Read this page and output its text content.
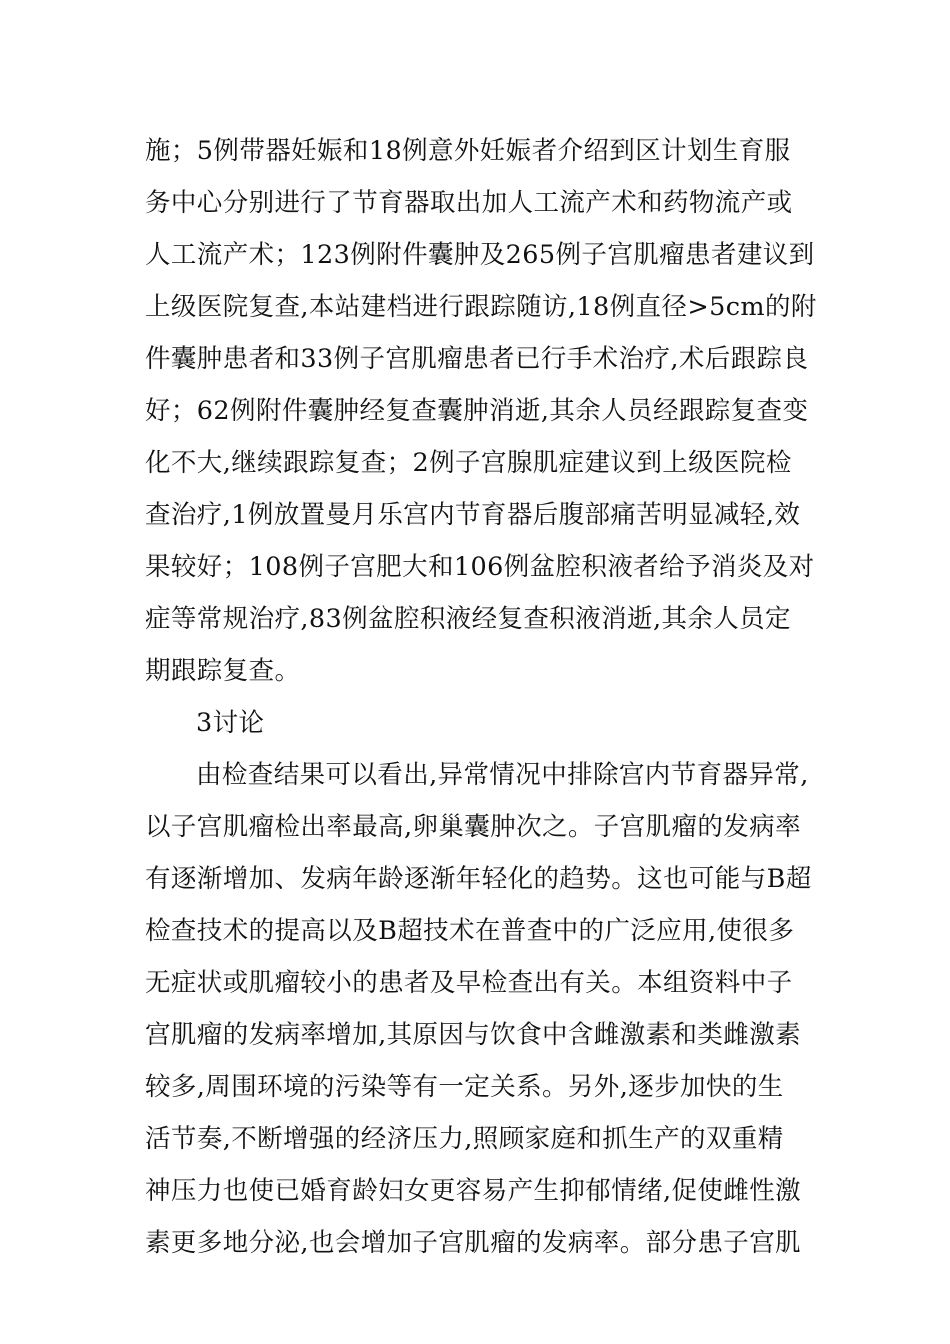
施；5例带器妊娠和18例意外妊娠者介绍到区计划生育服
务中心分别进行了节育器取出加人工流产术和药物流产或
人工流产术；123例附件囊肿及265例子宫肌瘤患者建议到
上级医院复查,本站建档进行跟踪随访,18例直径>5cm的附
件囊肿患者和33例子宫肌瘤患者已行手术治疗,术后跟踪良
好；62例附件囊肿经复查囊肿消逝,其余人员经跟踪复查变
化不大,继续跟踪复查；2例子宫腺肌症建议到上级医院检
查治疗,1例放置曼月乐宫内节育器后腹部痛苦明显减轻,效
果较好；108例子宫肥大和106例盆腔积液者给予消炎及对
症等常规治疗,83例盆腔积液经复查积液消逝,其余人员定
期跟踪复查。
3讨论
由检查结果可以看出,异常情况中排除宫内节育器异常,
以子宫肌瘤检出率最高,卵巢囊肿次之。子宫肌瘤的发病率
有逐渐增加、发病年龄逐渐年轻化的趋势。这也可能与B超
检查技术的提高以及B超技术在普查中的广泛应用,使很多
无症状或肌瘤较小的患者及早检查出有关。本组资料中子
宫肌瘤的发病率增加,其原因与饮食中含雌激素和类雌激素
较多,周围环境的污染等有一定关系。另外,逐步加快的生
活节奏,不断增强的经济压力,照顾家庭和抓生产的双重精
神压力也使已婚育龄妇女更容易产生抑郁情绪,促使雌性激
素更多地分泌,也会增加子宫肌瘤的发病率。部分患子宫肌
